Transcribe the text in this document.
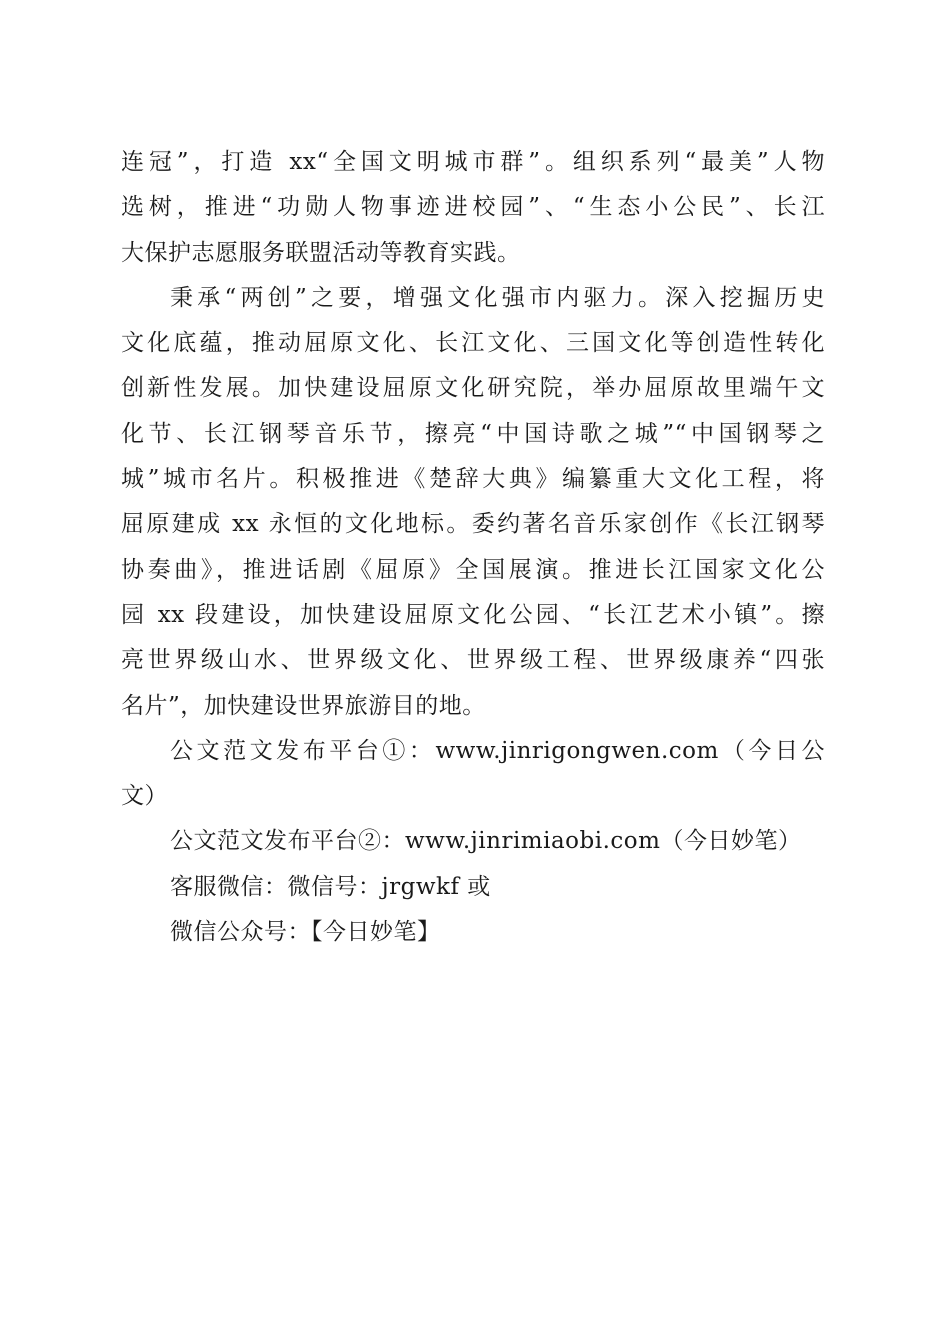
连冠”，打造 xx“全国文明城市群”。组织系列“最美”人物
选树，推进“功勋人物事迹进校园”、“生态小公民”、长江
大保护志愿服务联盟活动等教育实践。
秉承“两创”之要，增强文化强市内驱力。深入挖掘历史
文化底蕴，推动屈原文化、长江文化、三国文化等创造性转化
创新性发展。加快建设屈原文化研究院，举办屈原故里端午文
化节、长江钢琴音乐节，擦亮“中国诗歌之城”“中国钢琴之
城”城市名片。积极推进《楚辞大典》编纂重大文化工程，将
屈原建成 xx 永恒的文化地标。委约著名音乐家创作《长江钢琴
协奏曲》，推进话剧《屈原》全国展演。推进长江国家文化公
园 xx 段建设，加快建设屈原文化公园、“长江艺术小镇”。擦
亮世界级山水、世界级文化、世界级工程、世界级康养“四张
名片”，加快建设世界旅游目的地。
公文范文发布平台①：www.jinrigongwen.com（今日公
文）
公文范文发布平台②：www.jinrimiaobi.com（今日妙笔）
客服微信：微信号：jrgwkf 或
微信公众号：【今日妙笔】
